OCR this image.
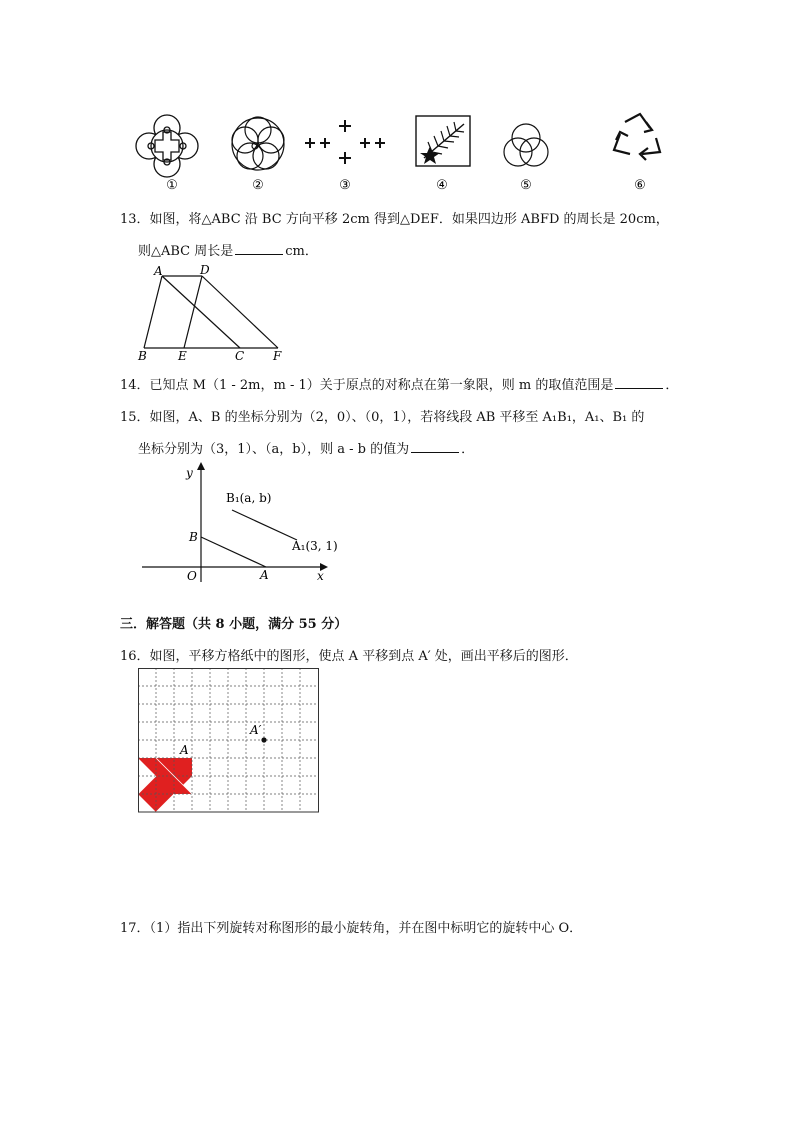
①	②	③	④	⑤	⑥
13．如图，将△ABC 沿 BC 方向平移 2cm 得到△DEF．如果四边形 ABFD 的周长是 20cm，
则△ABC 周长是	cm．
A	D
B	E	C F
14．已知点 M（1 - 2m，m - 1）关于原点的对称点在第一象限，则 m 的取值范围是	．
15．如图，A、B 的坐标分别为（2，0）、（0，1），若将线段 AB 平移至 A₁B₁，A₁、B₁ 的
坐标分别为（3，1）、（a，b），则 a - b 的值为	．
y
x
O	A
B
B₁(a, b)
A₁(3, 1)
三．解答题（共 8 小题，满分 55 分）
16．如图，平移方格纸中的图形，使点 A 平移到点 A′ 处，画出平移后的图形．
A′
A
17．（1）指出下列旋转对称图形的最小旋转角，并在图中标明它的旋转中心 O．
